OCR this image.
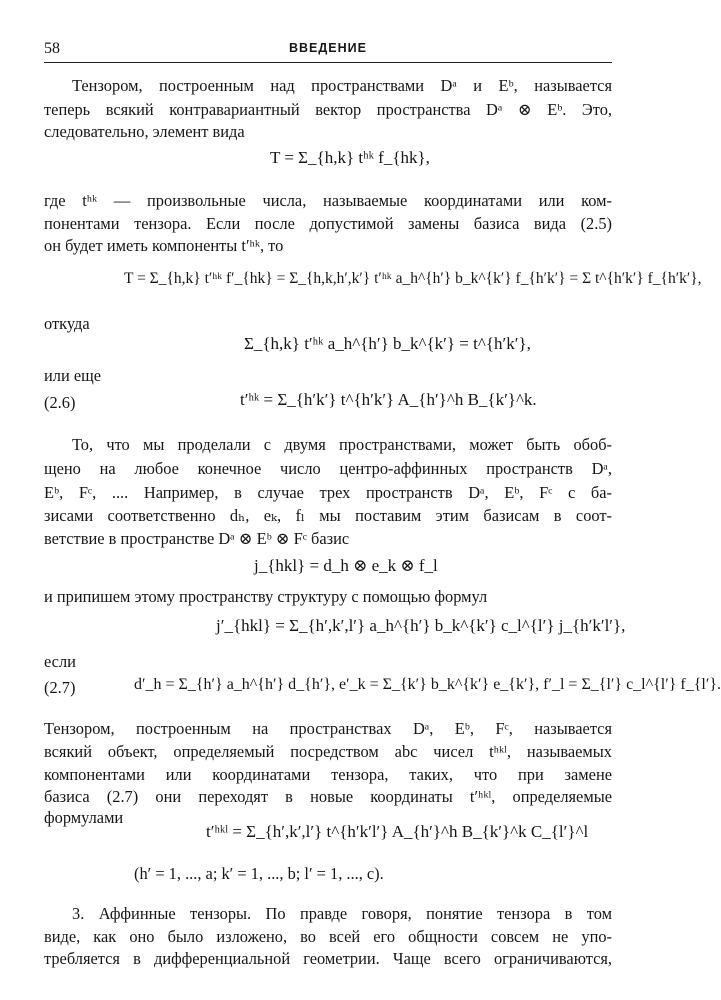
58	ВВЕДЕНИЕ
Тензором, построенным над пространствами Dᵃ и Eᵇ, называется
теперь всякий контравариантный вектор пространства Dᵃ ⊗ Eᵇ. Это,
следовательно, элемент вида
T = Σ_{h,k} tʰᵏ f_{hk},
где tʰᵏ — произвольные числа, называемые координатами или ком-
понентами тензора. Если после допустимой замены базиса вида (2.5)
он будет иметь компоненты t′ʰᵏ, то
T = Σ_{h,k} t′ʰᵏ f′_{hk} = Σ_{h,k,h′,k′} t′ʰᵏ a_h^{h′} b_k^{k′} f_{h′k′} = Σ t^{h′k′} f_{h′k′},
откуда
Σ_{h,k} t′ʰᵏ a_h^{h′} b_k^{k′} = t^{h′k′},
или еще
(2.6)	t′ʰᵏ = Σ_{h′k′} t^{h′k′} A_{h′}^h B_{k′}^k.
То, что мы проделали с двумя пространствами, может быть обоб-
щено на любое конечное число центро-аффинных пространств Dᵃ,
Eᵇ, Fᶜ, .... Например, в случае трех пространств Dᵃ, Eᵇ, Fᶜ с ба-
зисами соответственно dₕ, eₖ, fₗ мы поставим этим базисам в соот-
ветствие в пространстве Dᵃ ⊗ Eᵇ ⊗ Fᶜ базис
j_{hkl} = d_h ⊗ e_k ⊗ f_l
и припишем этому пространству структуру с помощью формул
j′_{hkl} = Σ_{h′,k′,l′} a_h^{h′} b_k^{k′} c_l^{l′} j_{h′k′l′},
если
(2.7)	d′_h = Σ_{h′} a_h^{h′} d_{h′}, e′_k = Σ_{k′} b_k^{k′} e_{k′}, f′_l = Σ_{l′} c_l^{l′} f_{l′}.
Тензором, построенным на пространствах Dᵃ, Eᵇ, Fᶜ, называется
всякий объект, определяемый посредством abc чисел tʰᵏˡ, называемых
компонентами или координатами тензора, таких, что при замене
базиса (2.7) они переходят в новые координаты t′ʰᵏˡ, определяемые
формулами
t′ʰᵏˡ = Σ_{h′,k′,l′} t^{h′k′l′} A_{h′}^h B_{k′}^k C_{l′}^l
(h′ = 1, ..., a; k′ = 1, ..., b; l′ = 1, ..., c).
3. Аффинные тензоры. По правде говоря, понятие тензора в том
виде, как оно было изложено, во всей его общности совсем не упо-
требляется в дифференциальной геометрии. Чаще всего ограничиваются,
